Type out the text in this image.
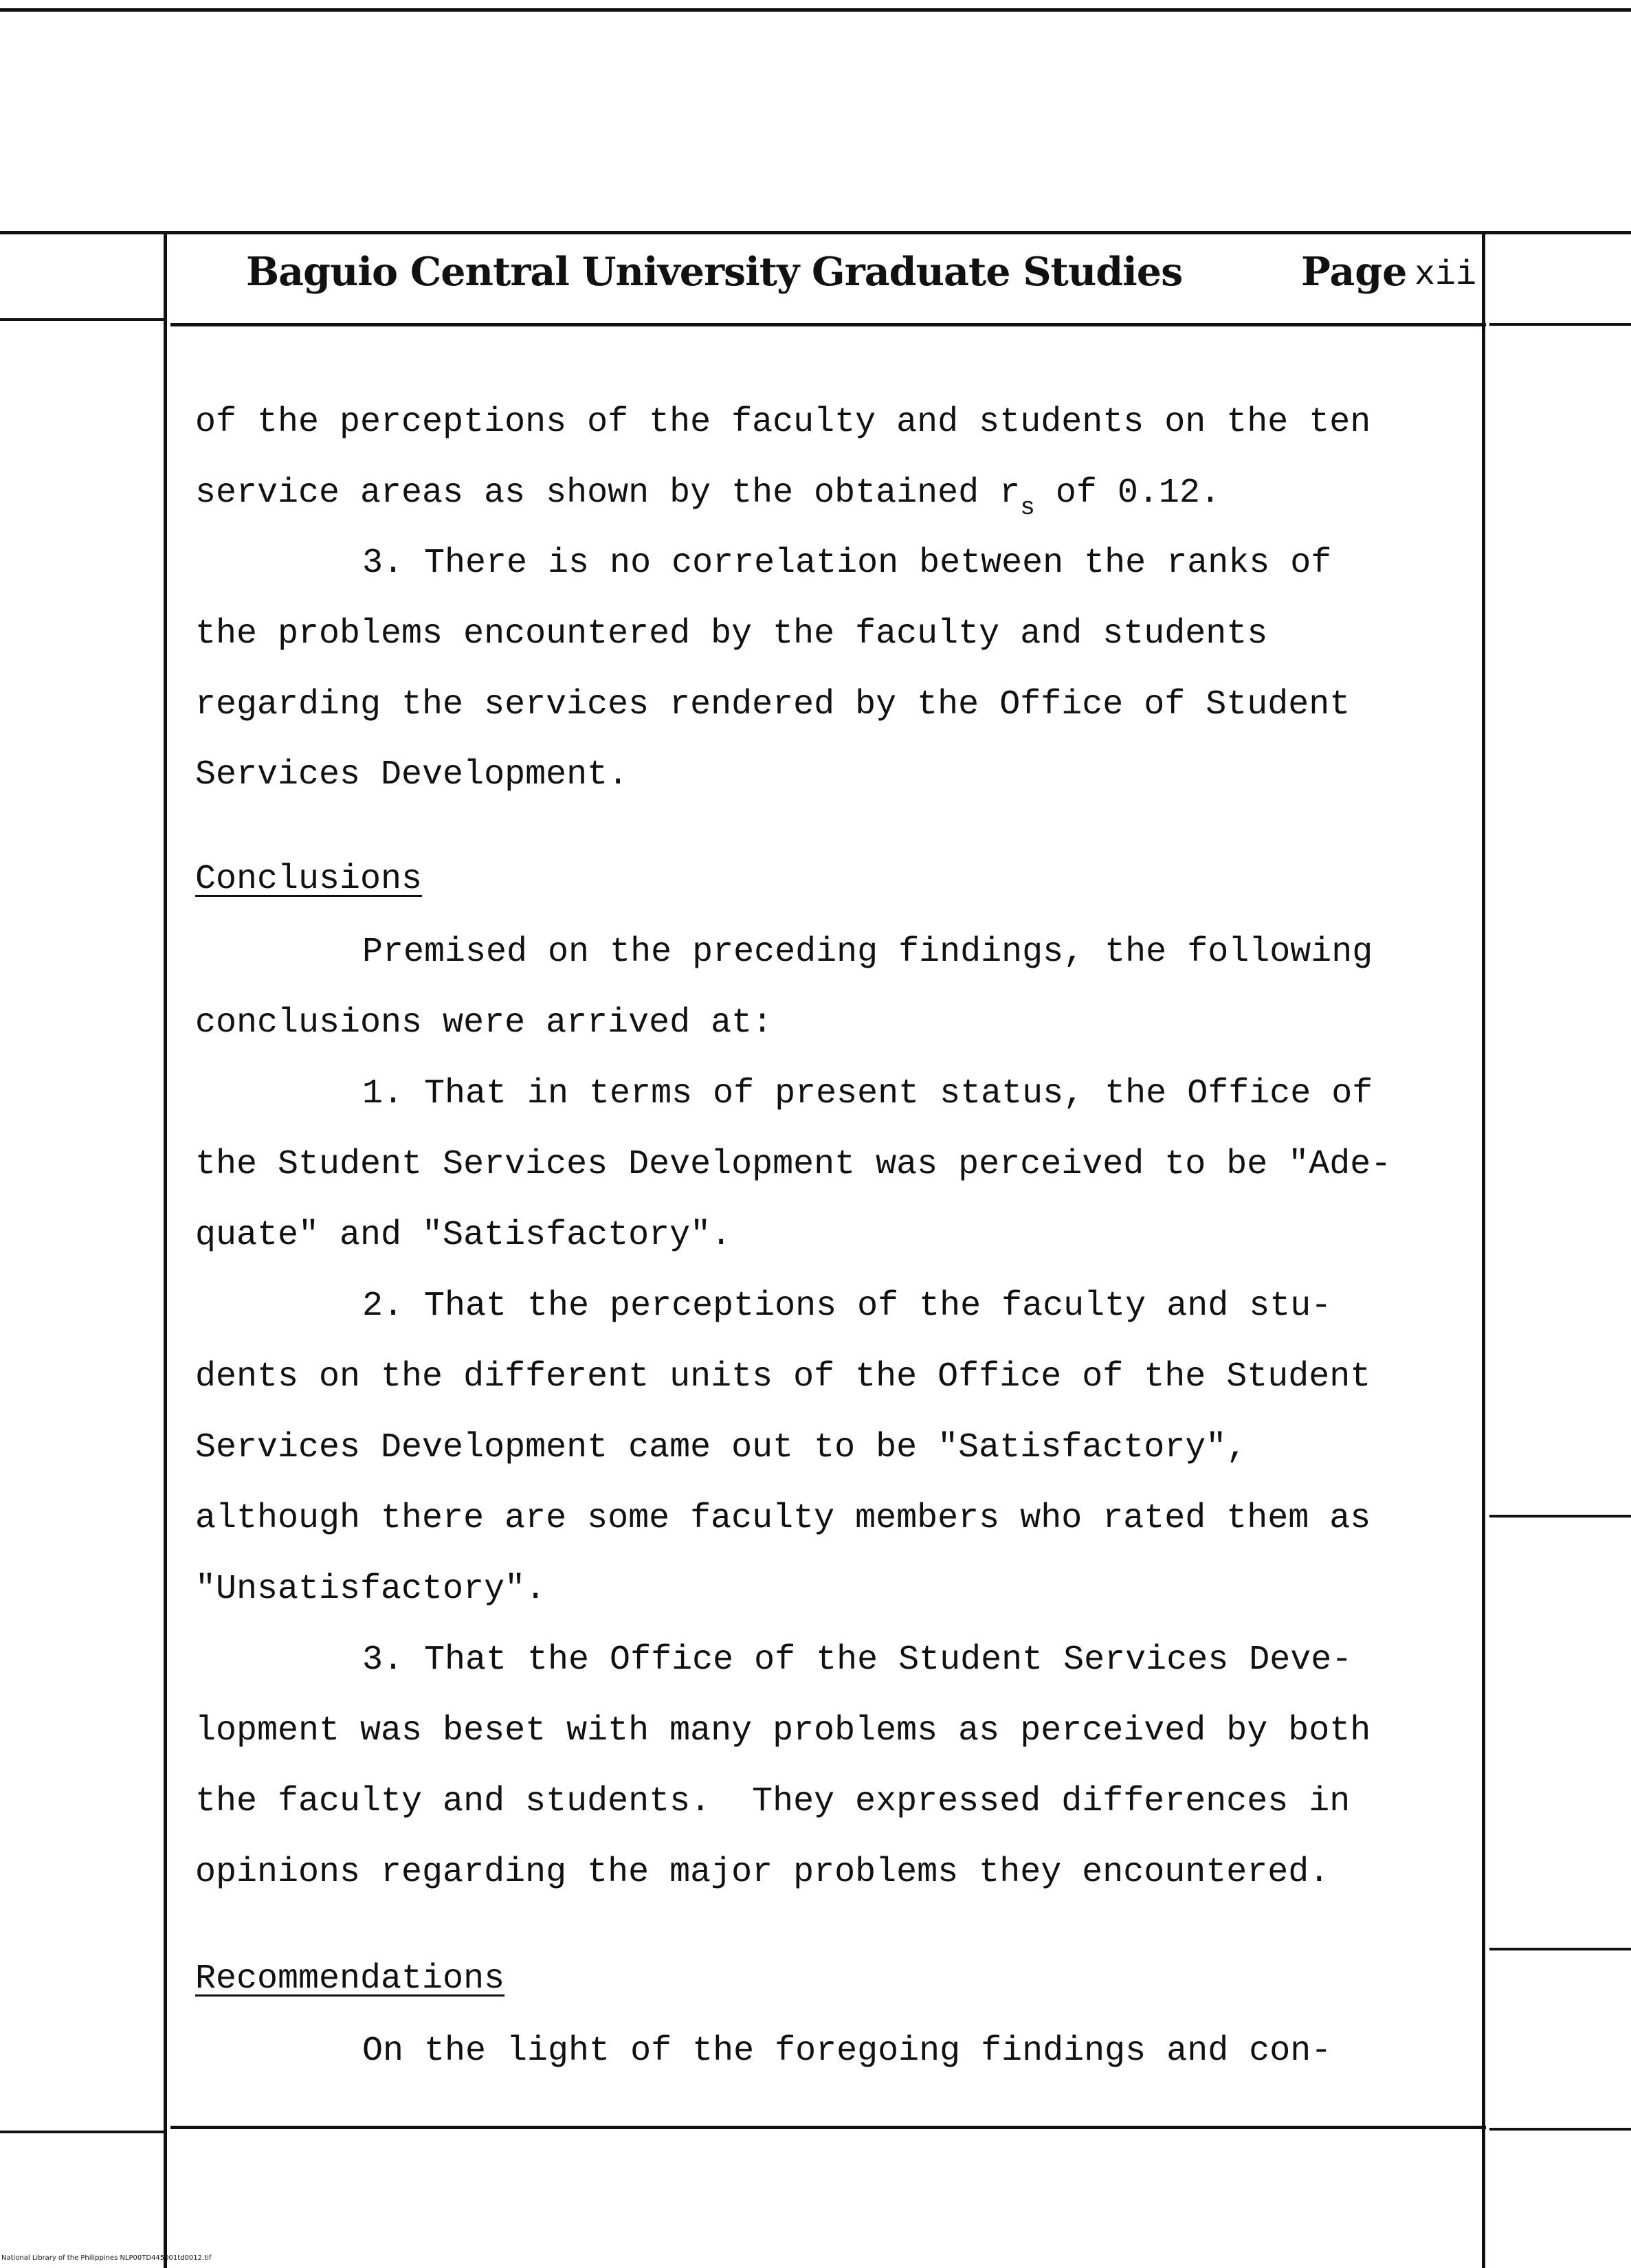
Baguio Central University Graduate Studies	Page xii
of the perceptions of the faculty and students on the ten
service areas as shown by the obtained $r_s$ of 0.12.
3. There is no correlation between the ranks of
the problems encountered by the faculty and students
regarding the services rendered by the Office of Student
Services Development.
Conclusions
Premised on the preceding findings, the following
conclusions were arrived at:
1. That in terms of present status, the Office of
the Student Services Development was perceived to be "Ade-
quate" and "Satisfactory".
2. That the perceptions of the faculty and stu-
dents on the different units of the Office of the Student
Services Development came out to be "Satisfactory",
although there are some faculty members who rated them as
"Unsatisfactory".
3. That the Office of the Student Services Deve-
lopment was beset with many problems as perceived by both
the faculty and students.  They expressed differences in
opinions regarding the major problems they encountered.
Recommendations
On the light of the foregoing findings and con-
National Library of the Philippines NLP00TD445001td0012.tif
